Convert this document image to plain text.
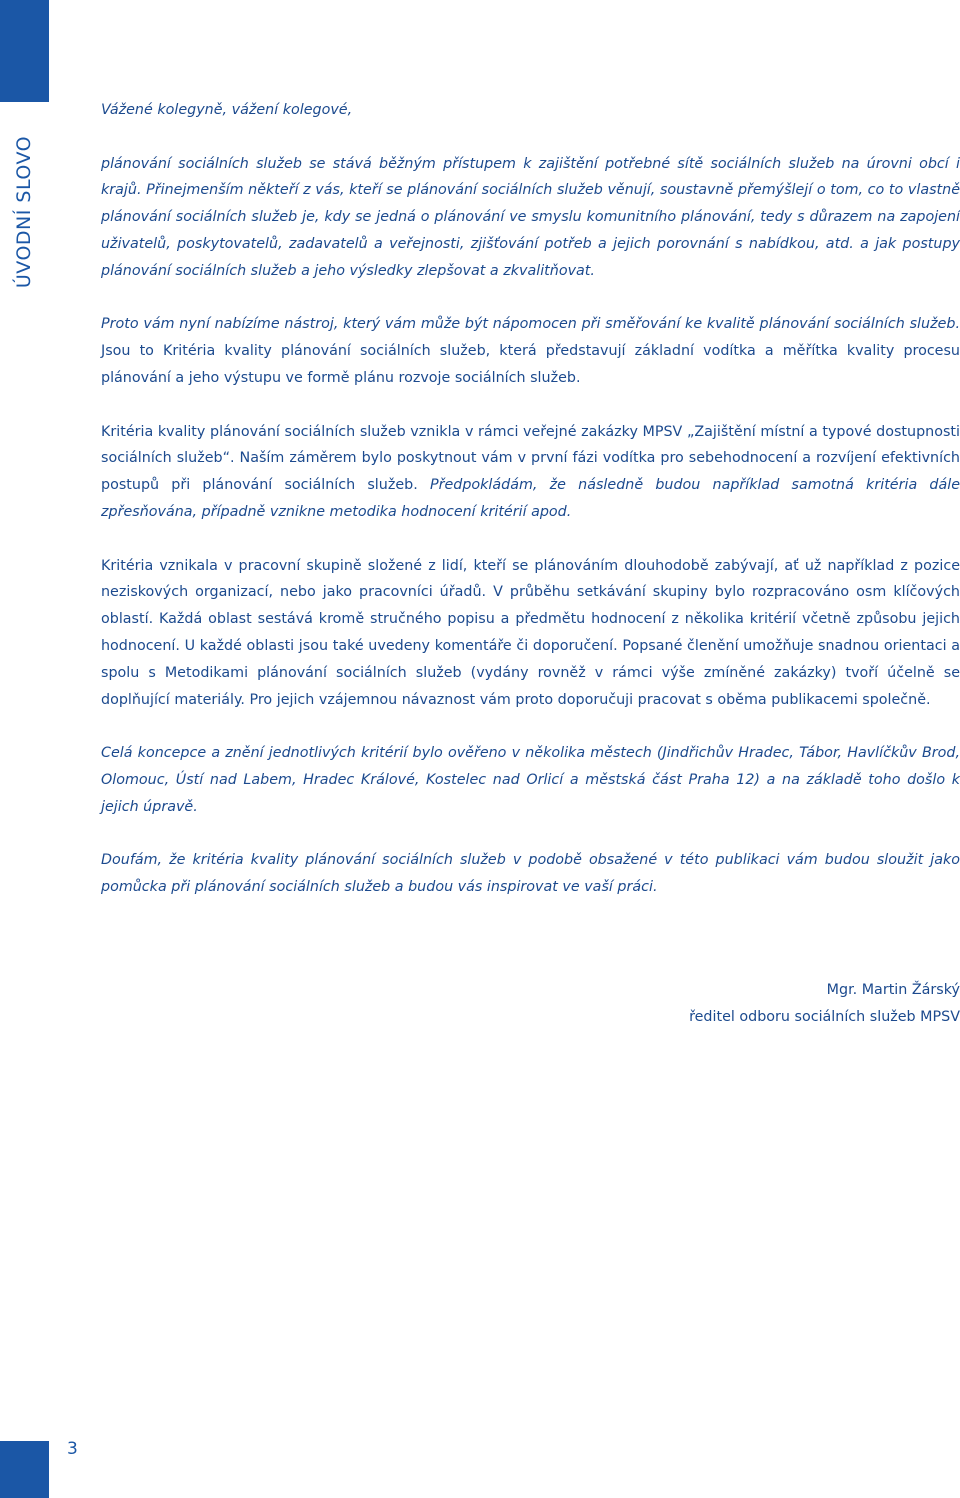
ÚVODNÍ SLOVO
3

Vážené kolegyně, vážení kolegové,

plánování sociálních služeb se stává běžným přístupem k zajištění potřebné sítě sociálních služeb na úrovni obcí i krajů. Přinejmenším někteří z vás, kteří se plánování sociálních služeb věnují, soustavně přemýšlejí o tom, co to vlastně plánování sociálních služeb je, kdy se jedná o plánování ve smyslu komunitního plánování, tedy s důrazem na zapojení uživatelů, poskytovatelů, zadavatelů a veřejnosti, zjišťování potřeb a jejich porovnání s nabídkou, atd. a jak postupy plánování sociálních služeb a jeho výsledky zlepšovat a zkvalitňovat.

Proto vám nyní nabízíme nástroj, který vám může být nápomocen při směřování ke kvalitě plánování sociálních služeb. Jsou to Kritéria kvality plánování sociálních služeb, která představují základní vodítka a měřítka kvality procesu plánování a jeho výstupu ve formě plánu rozvoje sociálních služeb.

Kritéria kvality plánování sociálních služeb vznikla v rámci veřejné zakázky MPSV „Zajištění místní a typové dostupnosti sociálních služeb“. Naším záměrem bylo poskytnout vám v první fázi vodítka pro sebehodnocení a rozvíjení efektivních postupů při plánování sociálních služeb. Předpokládám, že následně budou například samotná kritéria dále zpřesňována, případně vznikne metodika hodnocení kritérií apod.

Kritéria vznikala v pracovní skupině složené z lidí, kteří se plánováním dlouhodobě zabývají, ať už například z pozice neziskových organizací, nebo jako pracovníci úřadů. V průběhu setkávání skupiny bylo rozpracováno osm klíčových oblastí. Každá oblast sestává kromě stručného popisu a předmětu hodnocení z několika kritérií včetně způsobu jejich hodnocení. U každé oblasti jsou také uvedeny komentáře či doporučení. Popsané členění umožňuje snadnou orientaci a spolu s Metodikami plánování sociálních služeb (vydány rovněž v rámci výše zmíněné zakázky) tvoří účelně se doplňující materiály. Pro jejich vzájemnou návaznost vám proto doporučuji pracovat s oběma publikacemi společně.

Celá koncepce a znění jednotlivých kritérií bylo ověřeno v několika městech (Jindřichův Hradec, Tábor, Havlíčkův Brod, Olomouc, Ústí nad Labem, Hradec Králové, Kostelec nad Orlicí a městská část Praha 12) a na základě toho došlo k jejich úpravě.

Doufám, že kritéria kvality plánování sociálních služeb v podobě obsažené v této publikaci vám budou sloužit jako pomůcka při plánování sociálních služeb a budou vás inspirovat ve vaší práci.

Mgr. Martin Žárský
ředitel odboru sociálních služeb MPSV
